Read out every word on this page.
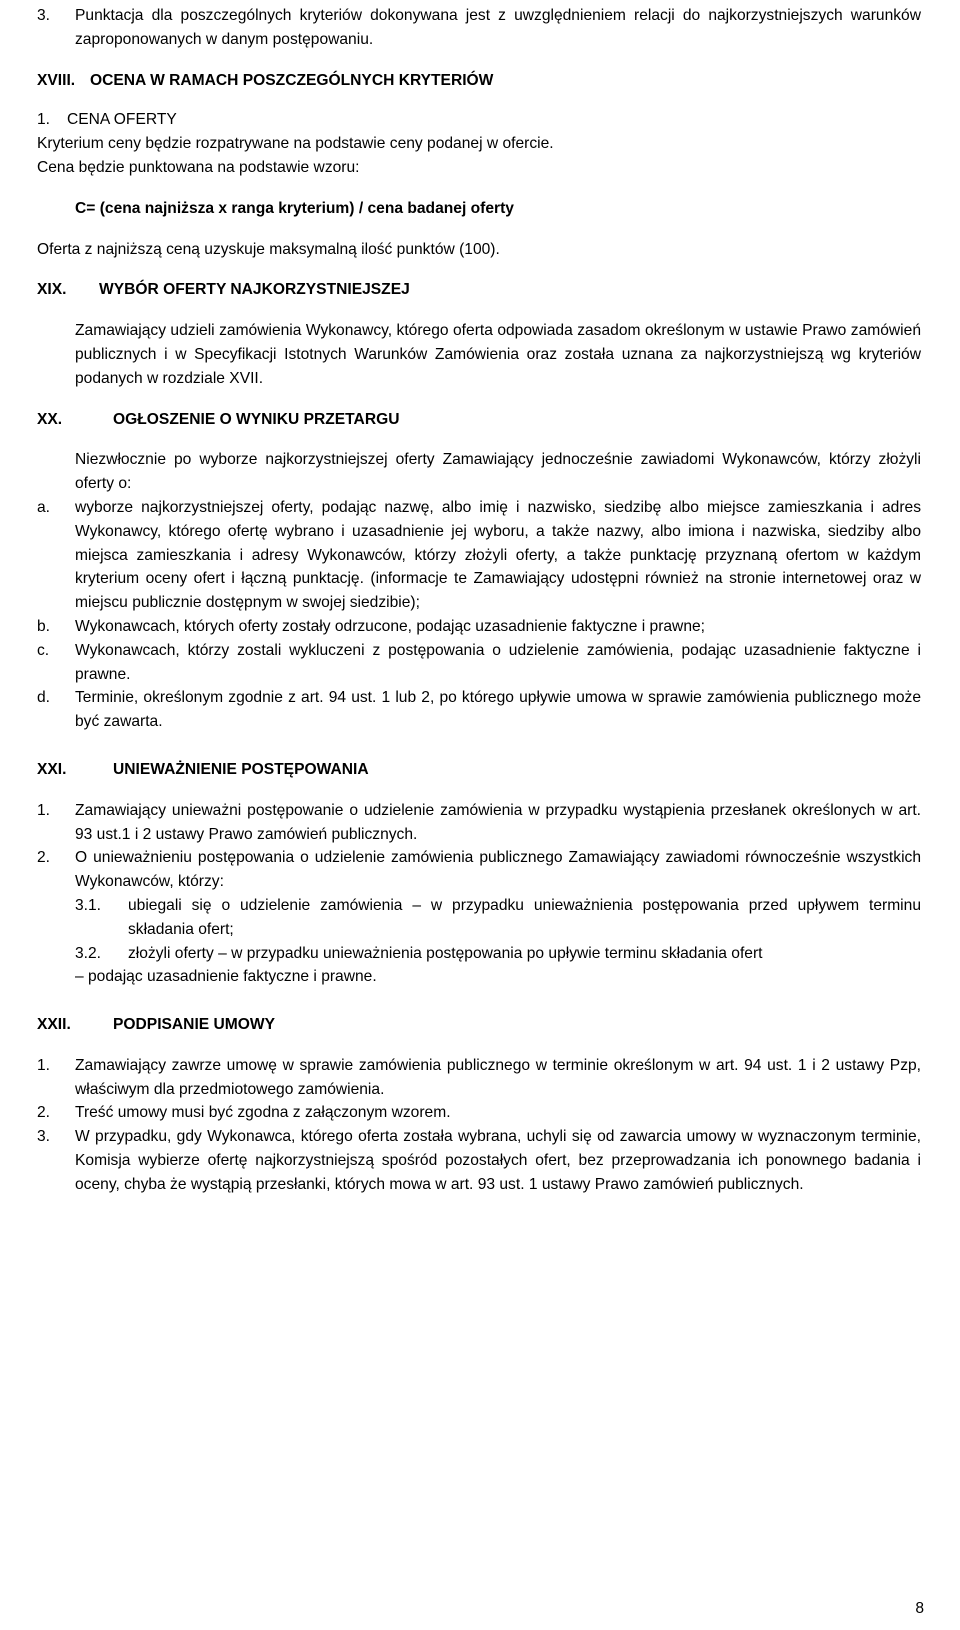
3.	Punktacja dla poszczególnych kryteriów dokonywana jest z uwzględnieniem relacji do najkorzystniejszych warunków zaproponowanych w danym postępowaniu.
XVIII. OCENA W RAMACH POSZCZEGÓLNYCH KRYTERIÓW
1.	CENA OFERTY

Kryterium ceny będzie rozpatrywane na podstawie ceny podanej w ofercie.

Cena będzie punktowana na podstawie wzoru:

C= (cena najniższa x ranga kryterium) / cena badanej oferty

Oferta z najniższą ceną uzyskuje maksymalną ilość punktów (100).

XIX.	WYBÓR OFERTY NAJKORZYSTNIEJSZEJ

Zamawiający udzieli zamówienia Wykonawcy, którego oferta odpowiada zasadom określonym w ustawie Prawo zamówień publicznych i w Specyfikacji Istotnych Warunków Zamówienia oraz została uznana za najkorzystniejszą wg kryteriów podanych w rozdziale XVII.

XX.	OGŁOSZENIE O WYNIKU PRZETARGU

Niezwłocznie po wyborze najkorzystniejszej oferty Zamawiający jednocześnie zawiadomi Wykonawców, którzy złożyli oferty o:

a.	wyborze najkorzystniejszej oferty, podając nazwę, albo imię i nazwisko, siedzibę albo miejsce zamieszkania i adres Wykonawcy, którego ofertę wybrano i uzasadnienie jej wyboru, a także nazwy, albo imiona i nazwiska, siedziby albo miejsca zamieszkania i adresy Wykonawców, którzy złożyli oferty, a także punktację przyznaną ofertom w każdym kryterium oceny ofert i łączną punktację. (informacje te Zamawiający udostępni również na stronie internetowej oraz w miejscu publicznie dostępnym w swojej siedzibie);
b.	Wykonawcach, których oferty zostały odrzucone, podając uzasadnienie faktyczne i prawne;
c.	Wykonawcach, którzy zostali wykluczeni z postępowania o udzielenie zamówienia, podając uzasadnienie faktyczne i prawne.
d.	Terminie, określonym zgodnie z art. 94 ust. 1 lub 2, po którego upływie umowa w sprawie zamówienia publicznego może być zawarta.
XXI.	UNIEWAŻNIENIE POSTĘPOWANIA
1.	Zamawiający unieważni postępowanie o udzielenie zamówienia w przypadku wystąpienia przesłanek określonych w art. 93 ust.1 i 2 ustawy Prawo zamówień publicznych.
2.	O unieważnieniu postępowania o udzielenie zamówienia publicznego Zamawiający zawiadomi równocześnie wszystkich Wykonawców, którzy:
3.1.	ubiegali się o udzielenie zamówienia – w przypadku unieważnienia postępowania przed upływem terminu składania ofert;
3.2.	złożyli oferty – w przypadku unieważnienia postępowania po upływie terminu składania ofert

– podając uzasadnienie faktyczne i prawne.

XXII.	PODPISANIE UMOWY
1.	Zamawiający zawrze umowę w sprawie zamówienia publicznego w terminie określonym w art. 94 ust. 1 i 2 ustawy Pzp, właściwym dla przedmiotowego zamówienia.
2.	Treść umowy musi być zgodna z załączonym wzorem.
3.	W przypadku, gdy Wykonawca, którego oferta została wybrana, uchyli się od zawarcia umowy w wyznaczonym terminie, Komisja wybierze ofertę najkorzystniejszą spośród pozostałych ofert, bez przeprowadzania ich ponownego badania i oceny, chyba że wystąpią przesłanki, których mowa w art. 93 ust. 1 ustawy Prawo zamówień publicznych.
8
